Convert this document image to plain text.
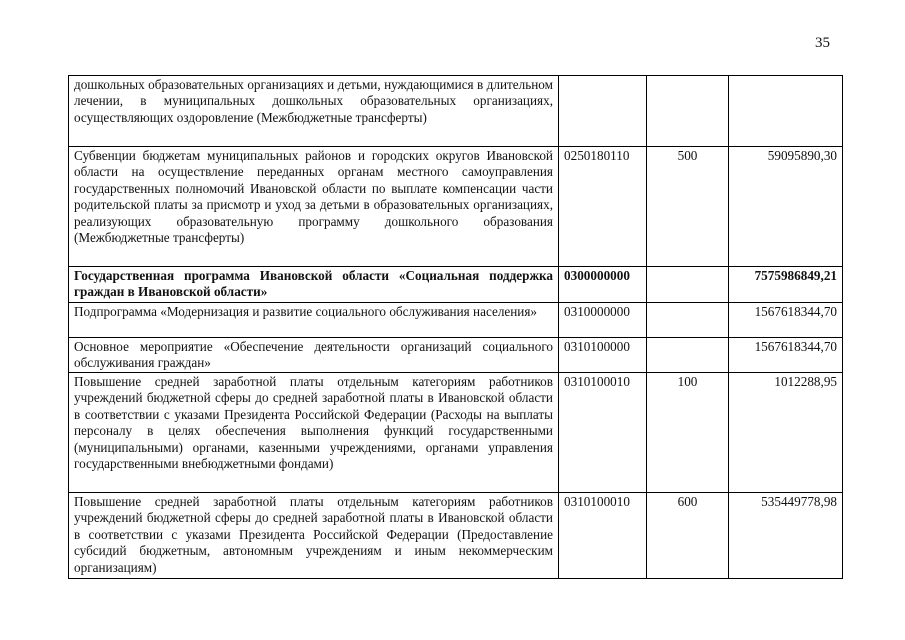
35
дошкольных образовательных организациях и детьми, нуждающимися в длительном лечении, в муниципальных дошкольных образовательных организациях, осуществляющих оздоровление (Межбюджетные трансферты)			
Субвенции бюджетам муниципальных районов и городских округов Ивановской области на осуществление переданных органам местного самоуправления государственных полномочий Ивановской области по выплате компенсации части родительской платы за присмотр и уход за детьми в образовательных организациях, реализующих образовательную программу дошкольного образования (Межбюджетные трансферты)	0250180110	500	59095890,30
Государственная программа Ивановской области «Социальная поддержка граждан в Ивановской области»	0300000000		7575986849,21
Подпрограмма «Модернизация и развитие социального обслуживания населения»	0310000000		1567618344,70
Основное мероприятие «Обеспечение деятельности организаций социального обслуживания граждан»	0310100000		1567618344,70
Повышение средней заработной платы отдельным категориям работников учреждений бюджетной сферы до средней заработной платы в Ивановской области в соответствии с указами Президента Российской Федерации (Расходы на выплаты персоналу в целях обеспечения выполнения функций государственными (муниципальными) органами, казенными учреждениями, органами управления государственными внебюджетными фондами)	0310100010	100	1012288,95
Повышение средней заработной платы отдельным категориям работников учреждений бюджетной сферы до средней заработной платы в Ивановской области в соответствии с указами Президента Российской Федерации (Предоставление субсидий бюджетным, автономным учреждениям и иным некоммерческим организациям)	0310100010	600	535449778,98
